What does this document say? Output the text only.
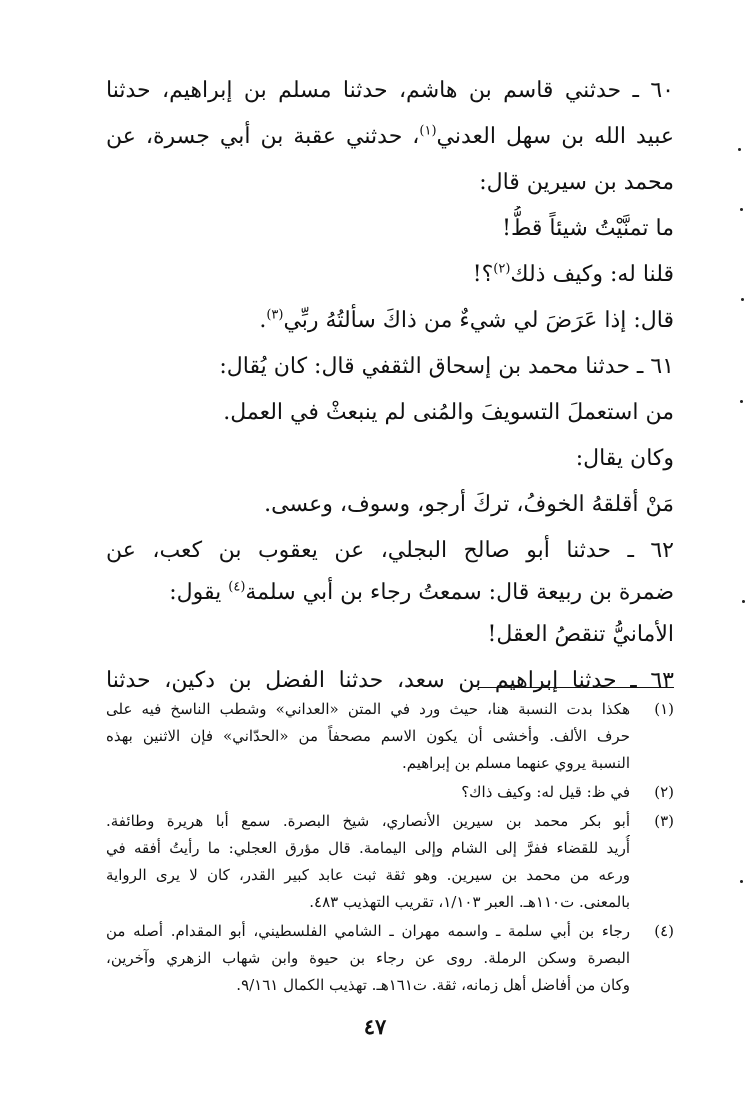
٦٠ ـ حدثني قاسم بن هاشم، حدثنا مسلم بن إبراهيم، حدثنا
عبيد الله بن سهل العدني$^{(١)}$، حدثني عقبة بن أبي جسرة، عن
محمد بن سيرين قال:
ما تمنَّيْتُ شيئاً قطُّ!
قلنا له: وكيف ذلك$^{(٢)}$؟!
قال: إذا عَرَضَ لي شيءٌ من ذاكَ سألتُهُ ربِّي$^{(٣)}$.
٦١ ـ حدثنا محمد بن إسحاق الثقفي قال: كان يُقال:
من استعملَ التسويفَ والمُنى لم ينبعثْ في العمل.
وكان يقال:
مَنْ أقلقهُ الخوفُ، تركَ أرجو، وسوف، وعسى.
٦٢ ـ حدثنا أبو صالح البجلي، عن يعقوب بن كعب، عن
ضمرة بن ربيعة قال: سمعتُ رجاء بن أبي سلمة$^{(٤)}$ يقول:
الأمانيُّ تنقصُ العقل!
٦٣ ـ حدثنا إبراهيم بن سعد، حدثنا الفضل بن دكين، حدثنا
(١)
هكذا بدت النسبة هنا، حيث ورد في المتن «العداني» وشطب الناسخ فيه على
حرف الألف. وأخشى أن يكون الاسم مصحفاً من «الحدّاني» فإن الاثنين بهذه
النسبة يروي عنهما مسلم بن إبراهيم.
(٢)
في ظ: قيل له: وكيف ذاك؟
(٣)
أبو بكر محمد بن سيرين الأنصاري، شيخ البصرة. سمع أبا هريرة وطائفة.
أُريد للقضاء ففرَّ إلى الشام وإلى اليمامة. قال مؤرق العجلي: ما رأيتُ أفقه في
ورعه من محمد بن سيرين. وهو ثقة ثبت عابد كبير القدر، كان لا يرى الرواية
بالمعنى. ت١١٠هـ. العبر ١/١٠٣، تقريب التهذيب ٤٨٣.
(٤)
رجاء بن أبي سلمة ـ واسمه مهران ـ الشامي الفلسطيني، أبو المقدام. أصله من
البصرة وسكن الرملة. روى عن رجاء بن حيوة وابن شهاب الزهري وآخرين،
وكان من أفاضل أهل زمانه، ثقة. ت١٦١هـ. تهذيب الكمال ٩/١٦١.
٤٧
